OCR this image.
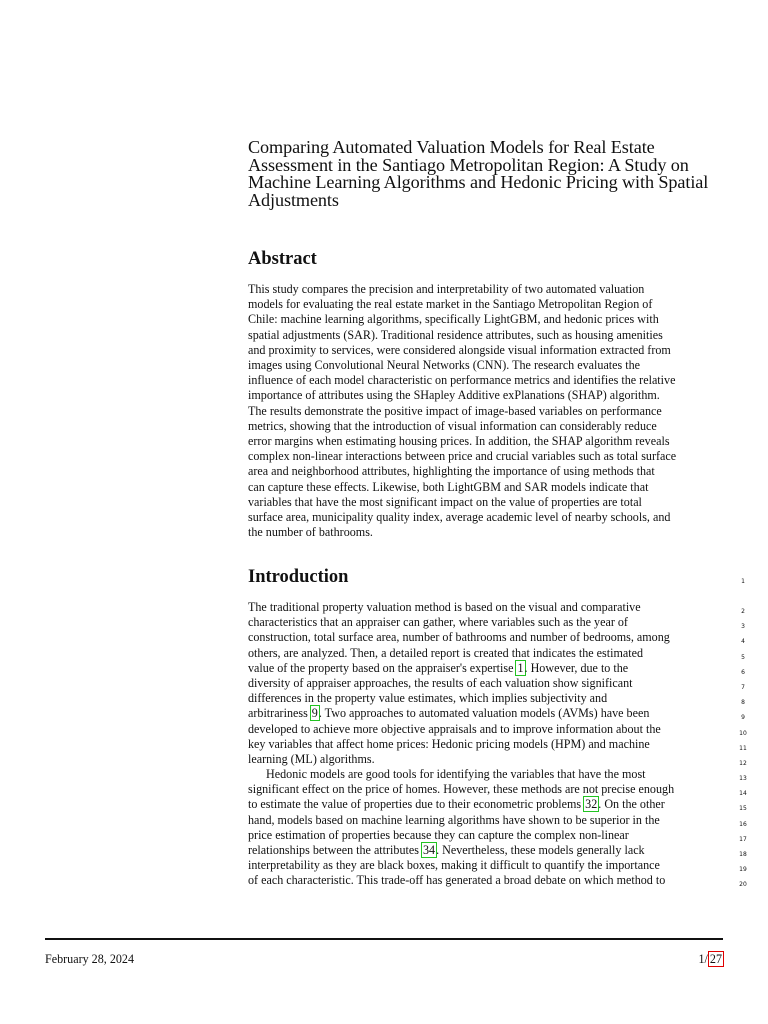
Comparing Automated Valuation Models for Real Estate Assessment in the Santiago Metropolitan Region: A Study on Machine Learning Algorithms and Hedonic Pricing with Spatial Adjustments
Abstract
This study compares the precision and interpretability of two automated valuation
models for evaluating the real estate market in the Santiago Metropolitan Region of
Chile: machine learning algorithms, specifically LightGBM, and hedonic prices with
spatial adjustments (SAR). Traditional residence attributes, such as housing amenities
and proximity to services, were considered alongside visual information extracted from
images using Convolutional Neural Networks (CNN). The research evaluates the
influence of each model characteristic on performance metrics and identifies the relative
importance of attributes using the SHapley Additive exPlanations (SHAP) algorithm.
The results demonstrate the positive impact of image-based variables on performance
metrics, showing that the introduction of visual information can considerably reduce
error margins when estimating housing prices. In addition, the SHAP algorithm reveals
complex non-linear interactions between price and crucial variables such as total surface
area and neighborhood attributes, highlighting the importance of using methods that
can capture these effects. Likewise, both LightGBM and SAR models indicate that
variables that have the most significant impact on the value of properties are total
surface area, municipality quality index, average academic level of nearby schools, and
the number of bathrooms.
Introduction	1
The traditional property valuation method is based on the visual and comparative	2
characteristics that an appraiser can gather, where variables such as the year of	3
construction, total surface area, number of bathrooms and number of bedrooms, among	4
others, are analyzed. Then, a detailed report is created that indicates the estimated	5
value of the property based on the appraiser's expertise 1. However, due to the	6
diversity of appraiser approaches, the results of each valuation show significant	7
differences in the property value estimates, which implies subjectivity and	8
arbitrariness 9. Two approaches to automated valuation models (AVMs) have been	9
developed to achieve more objective appraisals and to improve information about the	10
key variables that affect home prices: Hedonic pricing models (HPM) and machine	11
learning (ML) algorithms.	12
Hedonic models are good tools for identifying the variables that have the most	13
significant effect on the price of homes. However, these methods are not precise enough	14
to estimate the value of properties due to their econometric problems 32. On the other	15
hand, models based on machine learning algorithms have shown to be superior in the	16
price estimation of properties because they can capture the complex non-linear	17
relationships between the attributes 34. Nevertheless, these models generally lack	18
interpretability as they are black boxes, making it difficult to quantify the importance	19
of each characteristic. This trade-off has generated a broad debate on which method to	20

February 28, 2024	1/ 27
